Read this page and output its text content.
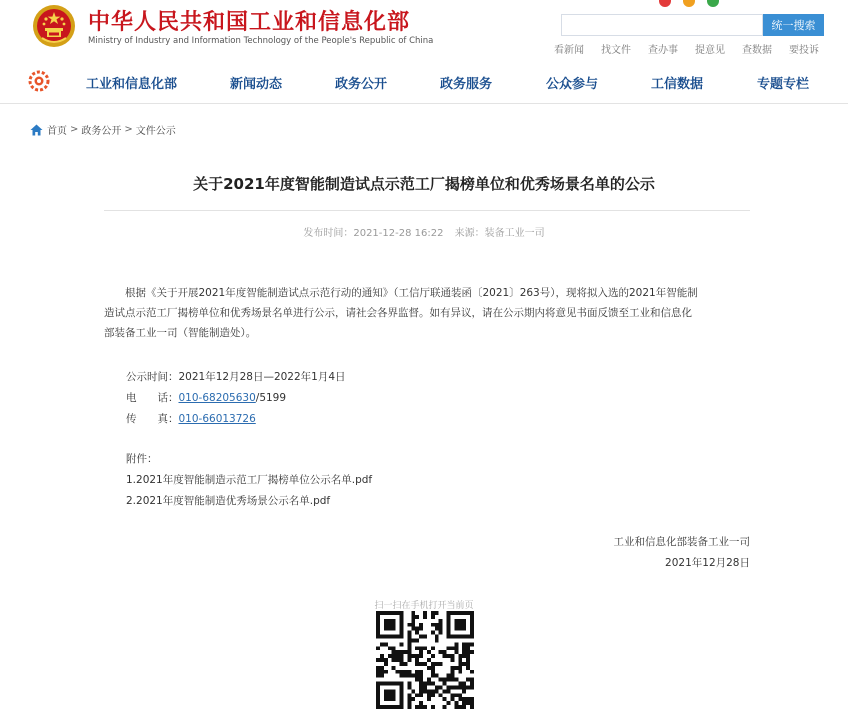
中华人民共和国工业和信息化部
Ministry of Industry and Information Technology of the People's Republic of China
统一搜索
看新闻 找文件 查办事 提意见 查数据 要投诉
工业和信息化部	新闻动态	政务公开	政务服务	公众参与	工信数据	专题专栏
首页 > 政务公开 > 文件公示
关于2021年度智能制造试点示范工厂揭榜单位和优秀场景名单的公示
发布时间：2021-12-28 16:22 来源：装备工业一司
根据《关于开展2021年度智能制造试点示范行动的通知》（工信厅联通装函〔2021〕263号），现将拟入选的2021年智能制
造试点示范工厂揭榜单位和优秀场景名单进行公示，请社会各界监督。如有异议，请在公示期内将意见书面反馈至工业和信息化
部装备工业一司（智能制造处）。
公示时间：2021年12月28日—2022年1月4日
电　　话：010-68205630/5199
传　　真：010-66013726
附件：
1.2021年度智能制造示范工厂揭榜单位公示名单.pdf
2.2021年度智能制造优秀场景公示名单.pdf
工业和信息化部装备工业一司
2021年12月28日
扫一扫在手机打开当前页
